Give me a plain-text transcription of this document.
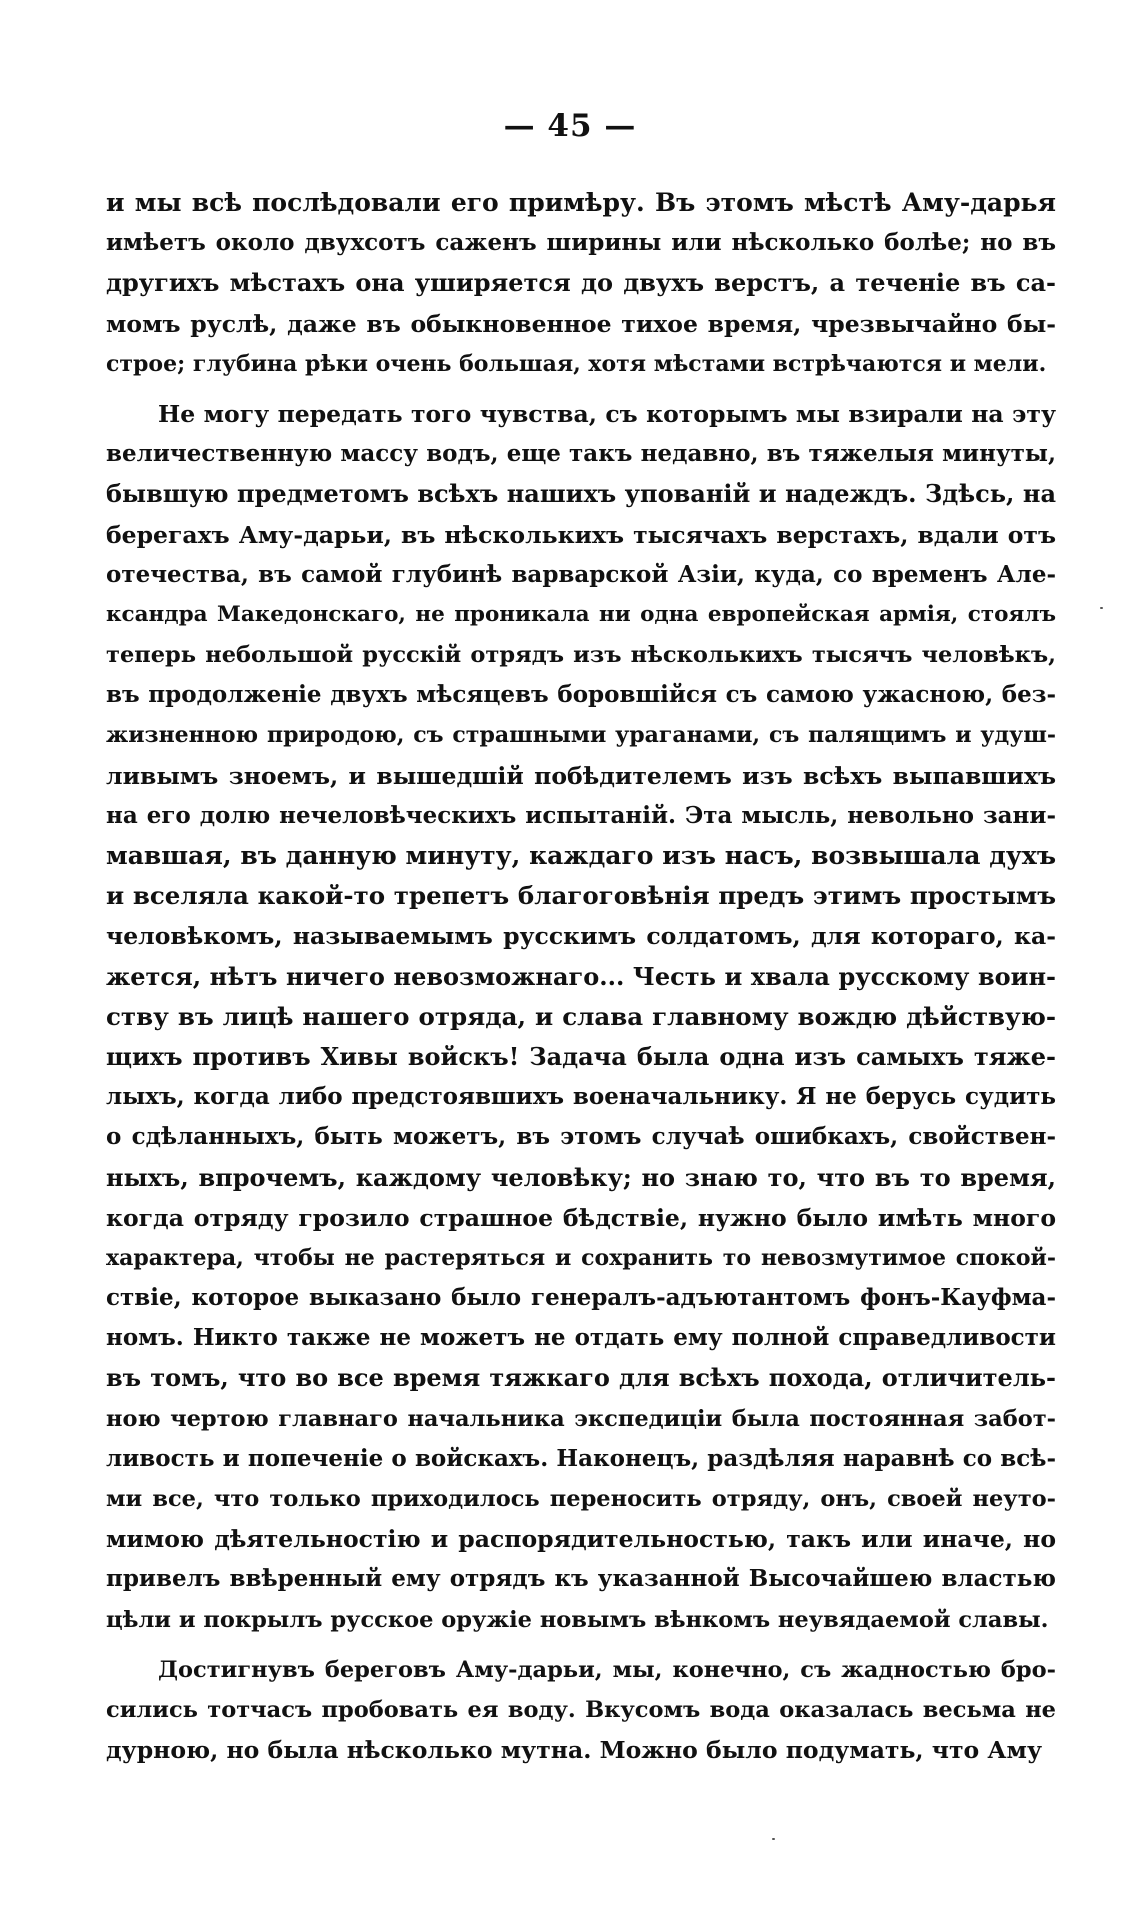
— 45 —
и мы всѣ послѣдовали его примѣру. Въ этомъ мѣстѣ Аму-дарья
имѣетъ около двухсотъ саженъ ширины или нѣсколько болѣе; но въ
другихъ мѣстахъ она уширяется до двухъ верстъ, а теченіе въ са-
момъ руслѣ, даже въ обыкновенное тихое время, чрезвычайно бы-
строе; глубина рѣки очень большая, хотя мѣстами встрѣчаются и мели.
Не могу передать того чувства, съ которымъ мы взирали на эту
величественную массу водъ, еще такъ недавно, въ тяжелыя минуты,
бывшую предметомъ всѣхъ нашихъ упованій и надеждъ. Здѣсь, на
берегахъ Аму-дарьи, въ нѣсколькихъ тысячахъ верстахъ, вдали отъ
отечества, въ самой глубинѣ варварской Азіи, куда, со временъ Але-
ксандра Македонскаго, не проникала ни одна европейская армія, стоялъ
теперь небольшой русскій отрядъ изъ нѣсколькихъ тысячъ человѣкъ,
въ продолженіе двухъ мѣсяцевъ боровшійся съ самою ужасною, без-
жизненною природою, съ страшными ураганами, съ палящимъ и удуш-
ливымъ зноемъ, и вышедшій побѣдителемъ изъ всѣхъ выпавшихъ
на его долю нечеловѣческихъ испытаній. Эта мысль, невольно зани-
мавшая, въ данную минуту, каждаго изъ насъ, возвышала духъ
и вселяла какой-то трепетъ благоговѣнія предъ этимъ простымъ
человѣкомъ, называемымъ русскимъ солдатомъ, для котораго, ка-
жется, нѣтъ ничего невозможнаго... Честь и хвала русскому воин-
ству въ лицѣ нашего отряда, и слава главному вождю дѣйствую-
щихъ противъ Хивы войскъ! Задача была одна изъ самыхъ тяже-
лыхъ, когда либо предстоявшихъ военачальнику. Я не берусь судить
о сдѣланныхъ, быть можетъ, въ этомъ случаѣ ошибкахъ, свойствен-
ныхъ, впрочемъ, каждому человѣку; но знаю то, что въ то время,
когда отряду грозило страшное бѣдствіе, нужно было имѣть много
характера, чтобы не растеряться и сохранить то невозмутимое спокой-
ствіе, которое выказано было генералъ-адъютантомъ фонъ-Кауфма-
номъ. Никто также не можетъ не отдать ему полной справедливости
въ томъ, что во все время тяжкаго для всѣхъ похода, отличитель-
ною чертою главнаго начальника экспедиціи была постоянная забот-
ливость и попеченіе о войскахъ. Наконецъ, раздѣляя наравнѣ со всѣ-
ми все, что только приходилось переносить отряду, онъ, своей неуто-
мимою дѣятельностію и распорядительностью, такъ или иначе, но
привелъ ввѣренный ему отрядъ къ указанной Высочайшею властью
цѣли и покрылъ русское оружіе новымъ вѣнкомъ неувядаемой славы.
Достигнувъ береговъ Аму-дарьи, мы, конечно, съ жадностью бро-
сились тотчасъ пробовать ея воду. Вкусомъ вода оказалась весьма не
дурною, но была нѣсколько мутна. Можно было подумать, что Аму
